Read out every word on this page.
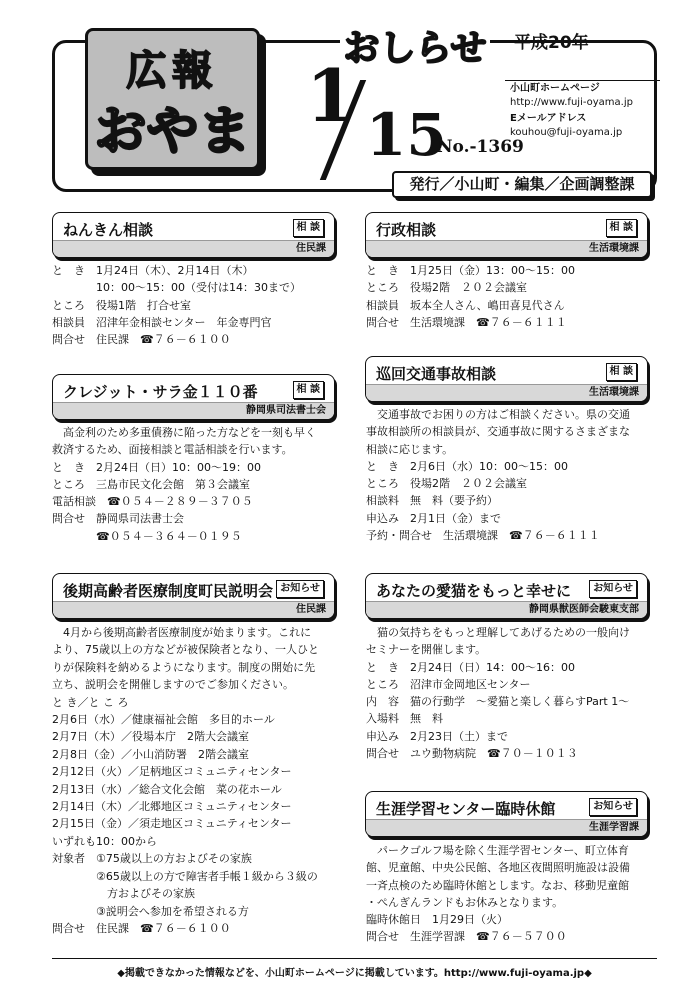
広報
おやま
おしらせ 平成20年
1 15
No.-1369
小山町ホームページ
http://www.fuji-oyama.jp
Eメールアドレス
kouhou@fuji-oyama.jp
発行／小山町・編集／企画調整課
ねんきん相談	相 談
住民課
と　き　1月24日（木）、2月14日（木）
　　　　10：00～15：00（受付は14：30まで）
ところ　役場1階　打合せ室
相談員　沼津年金相談センター　年金専門官
問合せ　住民課　☎７６－６１００
クレジット・サラ金１１０番	相 談
静岡県司法書士会
　高金利のため多重債務に陥った方などを一刻も早く
救済するため、面接相談と電話相談を行います。
と　き　2月24日（日）10：00～19：00
ところ　三島市民文化会館　第３会議室
電話相談　☎０５４－２８９－３７０５
問合せ　静岡県司法書士会
　　　　☎０５４－３６４－０１９５
後期高齢者医療制度町民説明会 お知らせ
住民課
　4月から後期高齢者医療制度が始まります。これに
より、75歳以上の方などが被保険者となり、一人ひと
りが保険料を納めるようになります。制度の開始に先
立ち、説明会を開催しますのでご参加ください。
と き／と こ ろ
2月6日（水）／健康福祉会館　多目的ホール
2月7日（木）／役場本庁　2階大会議室
2月8日（金）／小山消防署　2階会議室
2月12日（火）／足柄地区コミュニティセンター
2月13日（水）／総合文化会館　菜の花ホール
2月14日（木）／北郷地区コミュニティセンター
2月15日（金）／須走地区コミュニティセンター
いずれも10：00から
対象者　①75歳以上の方およびその家族
　　　　②65歳以上の方で障害者手帳１級から３級の
　　　　　方およびその家族
　　　　③説明会へ参加を希望される方
問合せ　住民課　☎７６－６１００
行政相談	相 談
生活環境課
と　き　1月25日（金）13：00～15：00
ところ　役場2階　２０２会議室
相談員　坂本全人さん、嶋田喜見代さん
問合せ　生活環境課　☎７６－６１１１
巡回交通事故相談	相 談
生活環境課
　交通事故でお困りの方はご相談ください。県の交通
事故相談所の相談員が、交通事故に関するさまざまな
相談に応じます。
と　き　2月6日（水）10：00～15：00
ところ　役場2階　２０２会議室
相談料　無　料（要予約）
申込み　2月1日（金）まで
予約・問合せ　生活環境課　☎７６－６１１１
あなたの愛猫をもっと幸せに	お知らせ
静岡県獣医師会駿東支部
　猫の気持ちをもっと理解してあげるための一般向け
セミナーを開催します。
と　き　2月24日（日）14：00～16：00
ところ　沼津市金岡地区センター
内　容　猫の行動学　～愛猫と楽しく暮らすPart 1～
入場料　無　料
申込み　2月23日（土）まで
問合せ　ユウ動物病院　☎７０－１０１３
生涯学習センター臨時休館	お知らせ
生涯学習課
　パークゴルフ場を除く生涯学習センター、町立体育
館、児童館、中央公民館、各地区夜間照明施設は設備
一斉点検のため臨時休館とします。なお、移動児童館
・ぺんぎんランドもお休みとなります。
臨時休館日　1月29日（火）
問合せ　生涯学習課　☎７６－５７００
◆掲載できなかった情報などを、小山町ホームページに掲載しています。http://www.fuji-oyama.jp◆
